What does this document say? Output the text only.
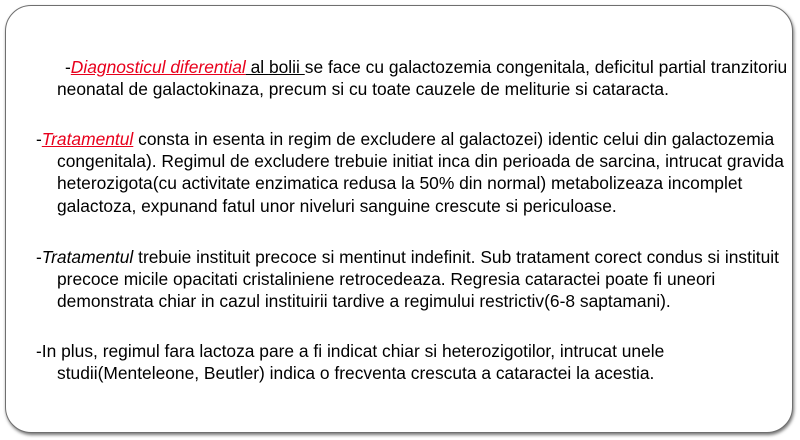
-Diagnosticul diferential al bolii se face cu galactozemia congenitala, deficitul partial tranzitoriu neonatal de galactokinaza, precum si cu toate cauzele de meliturie si cataracta.

-Tratamentul consta in esenta in regim de excludere al galactozei) identic celui din galactozemia congenitala). Regimul de excludere trebuie initiat inca din perioada de sarcina, intrucat gravida heterozigota(cu activitate enzimatica redusa la 50% din normal) metabolizeaza incomplet galactoza, expunand fatul unor niveluri sanguine crescute si periculoase.

-Tratamentul trebuie instituit precoce si mentinut indefinit. Sub tratament corect condus si instituit precoce micile opacitati cristaliniene retrocedeaza. Regresia cataractei poate fi uneori demonstrata chiar in cazul instituirii tardive a regimului restrictiv(6-8 saptamani).

-In plus, regimul fara lactoza pare a fi indicat chiar si heterozigotilor, intrucat unele studii(Menteleone, Beutler) indica o frecventa crescuta a cataractei la acestia.
